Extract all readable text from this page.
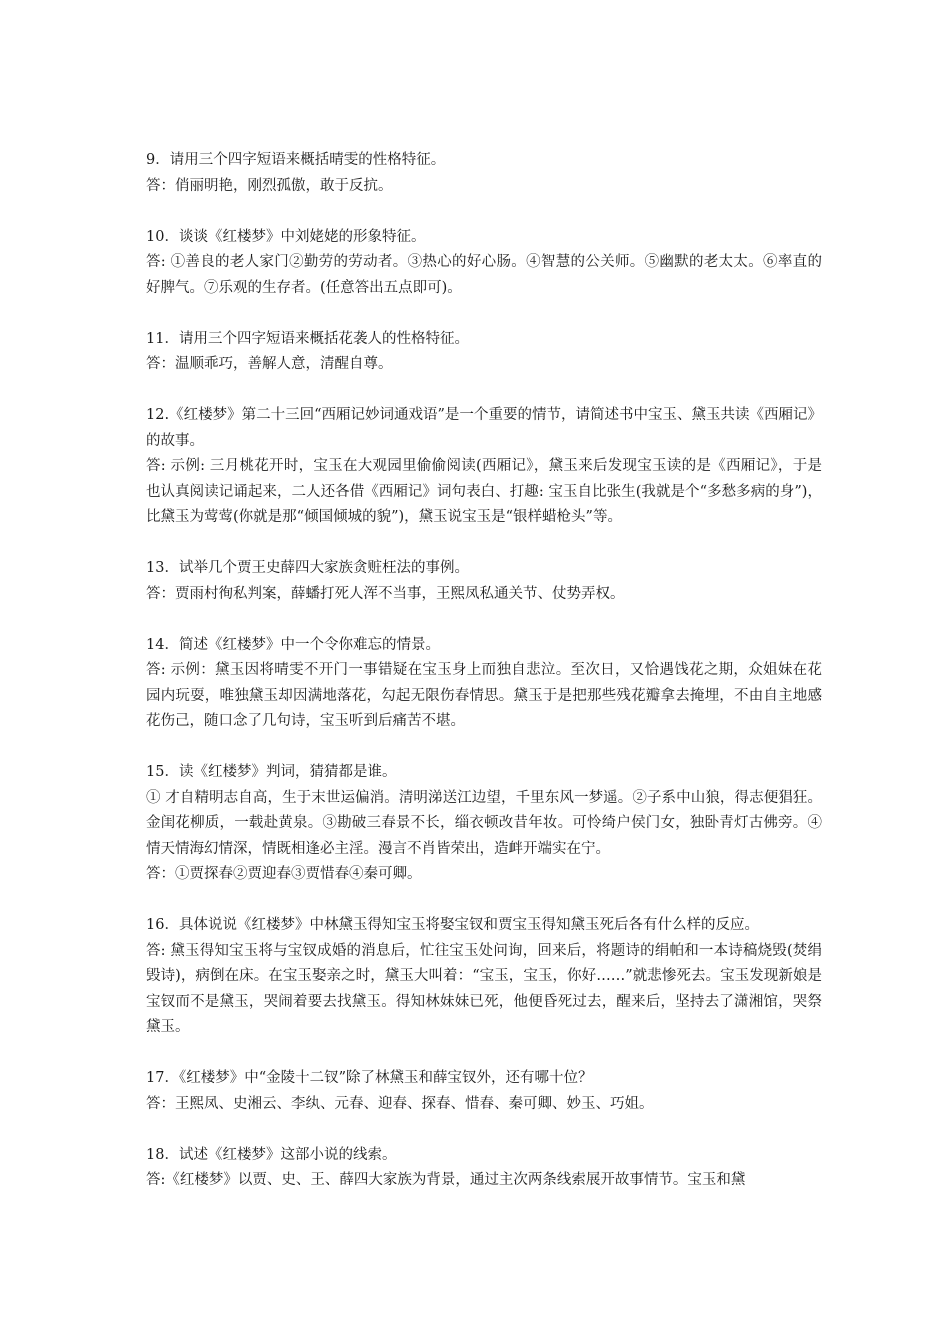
9．请用三个四字短语来概括晴雯的性格特征。

答：俏丽明艳，刚烈孤傲，敢于反抗。

10．谈谈《红楼梦》中刘姥姥的形象特征。

答: ①善良的老人家门②勤劳的劳动者。③热心的好心肠。④智慧的公关师。⑤幽默的老太太。⑥率直的好脾气。⑦乐观的生存者。(任意答出五点即可)。

11．请用三个四字短语来概括花袭人的性格特征。

答：温顺乖巧，善解人意，清醒自尊。

12.《红楼梦》第二十三回“西厢记妙词通戏语”是一个重要的情节，请简述书中宝玉、黛玉共读《西厢记》的故事。

答: 示例: 三月桃花开时，宝玉在大观园里偷偷阅读(西厢记》，黛玉来后发现宝玉读的是《西厢记》，于是也认真阅读记诵起来，二人还各借《西厢记》词句表白、打趣: 宝玉自比张生(我就是个“多愁多病的身”)，比黛玉为莺莺(你就是那“倾国倾城的貌”)，黛玉说宝玉是“银样蜡枪头”等。

13．试举几个贾王史薛四大家族贪赃枉法的事例。

答：贾雨村徇私判案，薛蟠打死人浑不当事，王熙凤私通关节、仗势弄权。

14．简述《红楼梦》中一个令你难忘的情景。

答: 示例：黛玉因将晴雯不开门一事错疑在宝玉身上而独自悲泣。至次日，又恰遇饯花之期，众姐妹在花园内玩耍，唯独黛玉却因满地落花，勾起无限伤春情思。黛玉于是把那些残花瓣拿去掩埋，不由自主地感花伤己，随口念了几句诗，宝玉听到后痛苦不堪。

15．读《红楼梦》判词，猜猜都是谁。

① 才自精明志自高，生于末世运偏消。清明涕送江边望，千里东风一梦遥。②子系中山狼，得志便猖狂。金闺花柳质，一载赴黄泉。③勘破三春景不长，缁衣顿改昔年妆。可怜绮户侯门女，独卧青灯古佛旁。④情天情海幻情深，情既相逢必主淫。漫言不肖皆荣出，造衅开端实在宁。

答：①贾探春②贾迎春③贾惜春④秦可卿。

16．具体说说《红楼梦》中林黛玉得知宝玉将娶宝钗和贾宝玉得知黛玉死后各有什么样的反应。

答: 黛玉得知宝玉将与宝钗成婚的消息后，忙往宝玉处问询，回来后，将题诗的绢帕和一本诗稿烧毁(焚绢毁诗)，病倒在床。在宝玉娶亲之时，黛玉大叫着：“宝玉，宝玉，你好……”就悲惨死去。宝玉发现新娘是宝钗而不是黛玉，哭闹着要去找黛玉。得知林妹妹已死，他便昏死过去，醒来后，坚持去了潇湘馆，哭祭黛玉。

17．《红楼梦》中“金陵十二钗”除了林黛玉和薛宝钗外，还有哪十位？

答：王熙凤、史湘云、李纨、元春、迎春、探春、惜春、秦可卿、妙玉、巧姐。

18．试述《红楼梦》这部小说的线索。

答:《红楼梦》以贾、史、王、薛四大家族为背景，通过主次两条线索展开故事情节。宝玉和黛
